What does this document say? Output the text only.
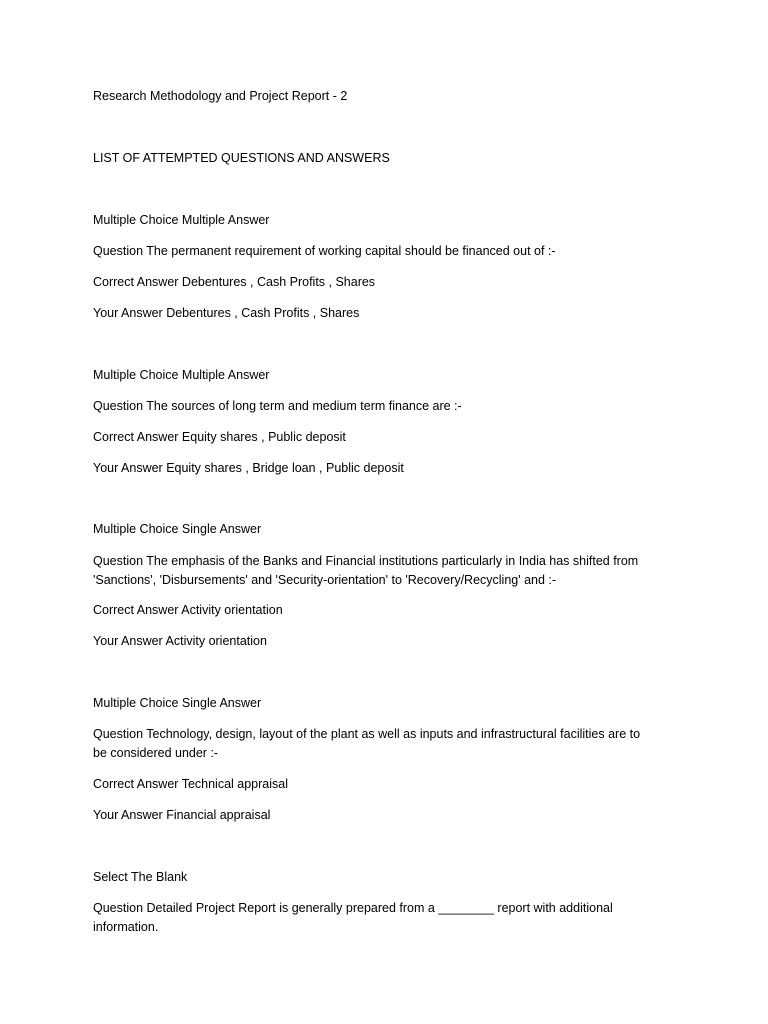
Research Methodology and Project Report - 2
LIST OF ATTEMPTED QUESTIONS AND ANSWERS
Multiple Choice Multiple Answer
Question The permanent requirement of working capital should be financed out of :-
Correct Answer Debentures , Cash Profits , Shares
Your Answer Debentures , Cash Profits , Shares
Multiple Choice Multiple Answer
Question The sources of long term and medium term finance are :-
Correct Answer Equity shares , Public deposit
Your Answer Equity shares , Bridge loan , Public deposit
Multiple Choice Single Answer
Question The emphasis of the Banks and Financial institutions particularly in India has shifted from
'Sanctions', 'Disbursements' and 'Security-orientation' to 'Recovery/Recycling' and :-
Correct Answer Activity orientation
Your Answer Activity orientation
Multiple Choice Single Answer
Question Technology, design, layout of the plant as well as inputs and infrastructural facilities are to
be considered under :-
Correct Answer Technical appraisal
Your Answer Financial appraisal
Select The Blank
Question Detailed Project Report is generally prepared from a ________ report with additional
information.
